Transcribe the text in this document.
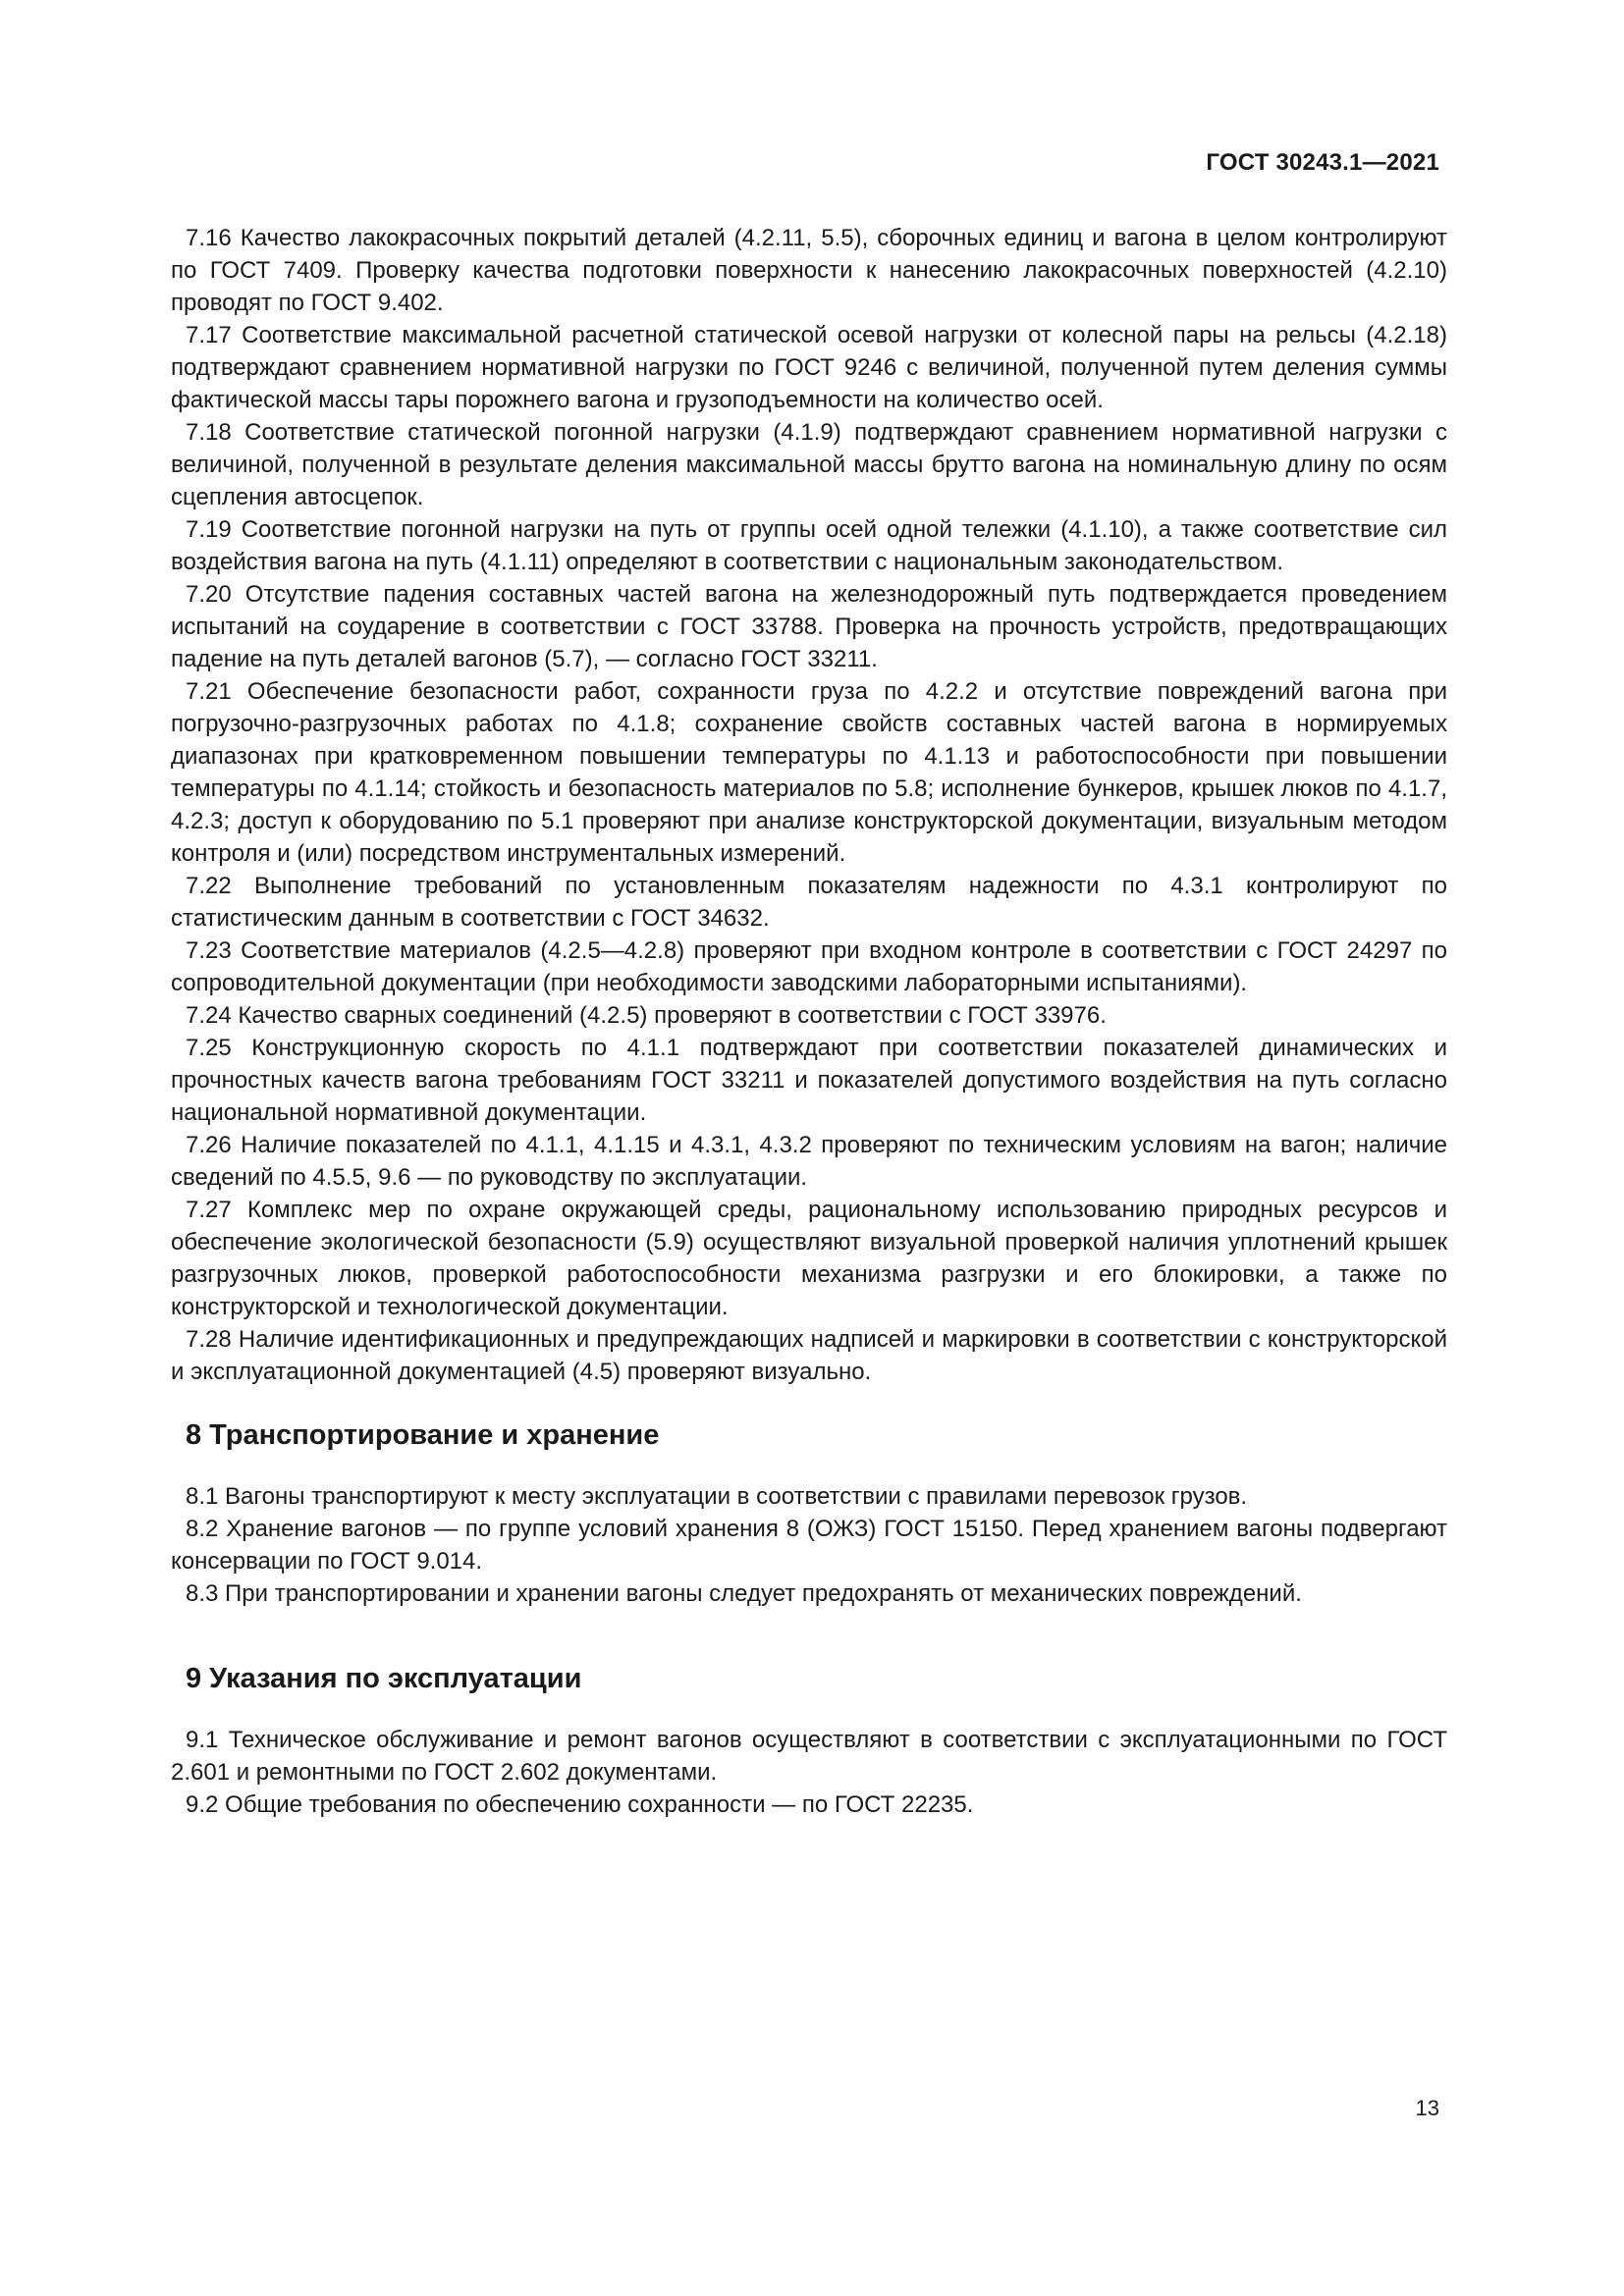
ГОСТ 30243.1—2021

7.16 Качество лакокрасочных покрытий деталей (4.2.11, 5.5), сборочных единиц и вагона в целом контролируют по ГОСТ 7409. Проверку качества подготовки поверхности к нанесению лакокрасочных поверхностей (4.2.10) проводят по ГОСТ 9.402.

7.17 Соответствие максимальной расчетной статической осевой нагрузки от колесной пары на рельсы (4.2.18) подтверждают сравнением нормативной нагрузки по ГОСТ 9246 с величиной, полученной путем деления суммы фактической массы тары порожнего вагона и грузоподъемности на количество осей.

7.18 Соответствие статической погонной нагрузки (4.1.9) подтверждают сравнением нормативной нагрузки с величиной, полученной в результате деления максимальной массы брутто вагона на номинальную длину по осям сцепления автосцепок.

7.19 Соответствие погонной нагрузки на путь от группы осей одной тележки (4.1.10), а также соответствие сил воздействия вагона на путь (4.1.11) определяют в соответствии с национальным законодательством.

7.20 Отсутствие падения составных частей вагона на железнодорожный путь подтверждается проведением испытаний на соударение в соответствии с ГОСТ 33788. Проверка на прочность устройств, предотвращающих падение на путь деталей вагонов (5.7), — согласно ГОСТ 33211.

7.21 Обеспечение безопасности работ, сохранности груза по 4.2.2 и отсутствие повреждений вагона при погрузочно-разгрузочных работах по 4.1.8; сохранение свойств составных частей вагона в нормируемых диапазонах при кратковременном повышении температуры по 4.1.13 и работоспособности при повышении температуры по 4.1.14; стойкость и безопасность материалов по 5.8; исполнение бункеров, крышек люков по 4.1.7, 4.2.3; доступ к оборудованию по 5.1 проверяют при анализе конструкторской документации, визуальным методом контроля и (или) посредством инструментальных измерений.

7.22 Выполнение требований по установленным показателям надежности по 4.3.1 контролируют по статистическим данным в соответствии с ГОСТ 34632.

7.23 Соответствие материалов (4.2.5—4.2.8) проверяют при входном контроле в соответствии с ГОСТ 24297 по сопроводительной документации (при необходимости заводскими лабораторными испытаниями).

7.24 Качество сварных соединений (4.2.5) проверяют в соответствии с ГОСТ 33976.

7.25 Конструкционную скорость по 4.1.1 подтверждают при соответствии показателей динамических и прочностных качеств вагона требованиям ГОСТ 33211 и показателей допустимого воздействия на путь согласно национальной нормативной документации.

7.26 Наличие показателей по 4.1.1, 4.1.15 и 4.3.1, 4.3.2 проверяют по техническим условиям на вагон; наличие сведений по 4.5.5, 9.6 — по руководству по эксплуатации.

7.27 Комплекс мер по охране окружающей среды, рациональному использованию природных ресурсов и обеспечение экологической безопасности (5.9) осуществляют визуальной проверкой наличия уплотнений крышек разгрузочных люков, проверкой работоспособности механизма разгрузки и его блокировки, а также по конструкторской и технологической документации.

7.28 Наличие идентификационных и предупреждающих надписей и маркировки в соответствии с конструкторской и эксплуатационной документацией (4.5) проверяют визуально.

8 Транспортирование и хранение

8.1 Вагоны транспортируют к месту эксплуатации в соответствии с правилами перевозок грузов.

8.2 Хранение вагонов — по группе условий хранения 8 (ОЖЗ) ГОСТ 15150. Перед хранением вагоны подвергают консервации по ГОСТ 9.014.

8.3 При транспортировании и хранении вагоны следует предохранять от механических повреждений.

9 Указания по эксплуатации

9.1 Техническое обслуживание и ремонт вагонов осуществляют в соответствии с эксплуатационными по ГОСТ 2.601 и ремонтными по ГОСТ 2.602 документами.

9.2 Общие требования по обеспечению сохранности — по ГОСТ 22235.

13
